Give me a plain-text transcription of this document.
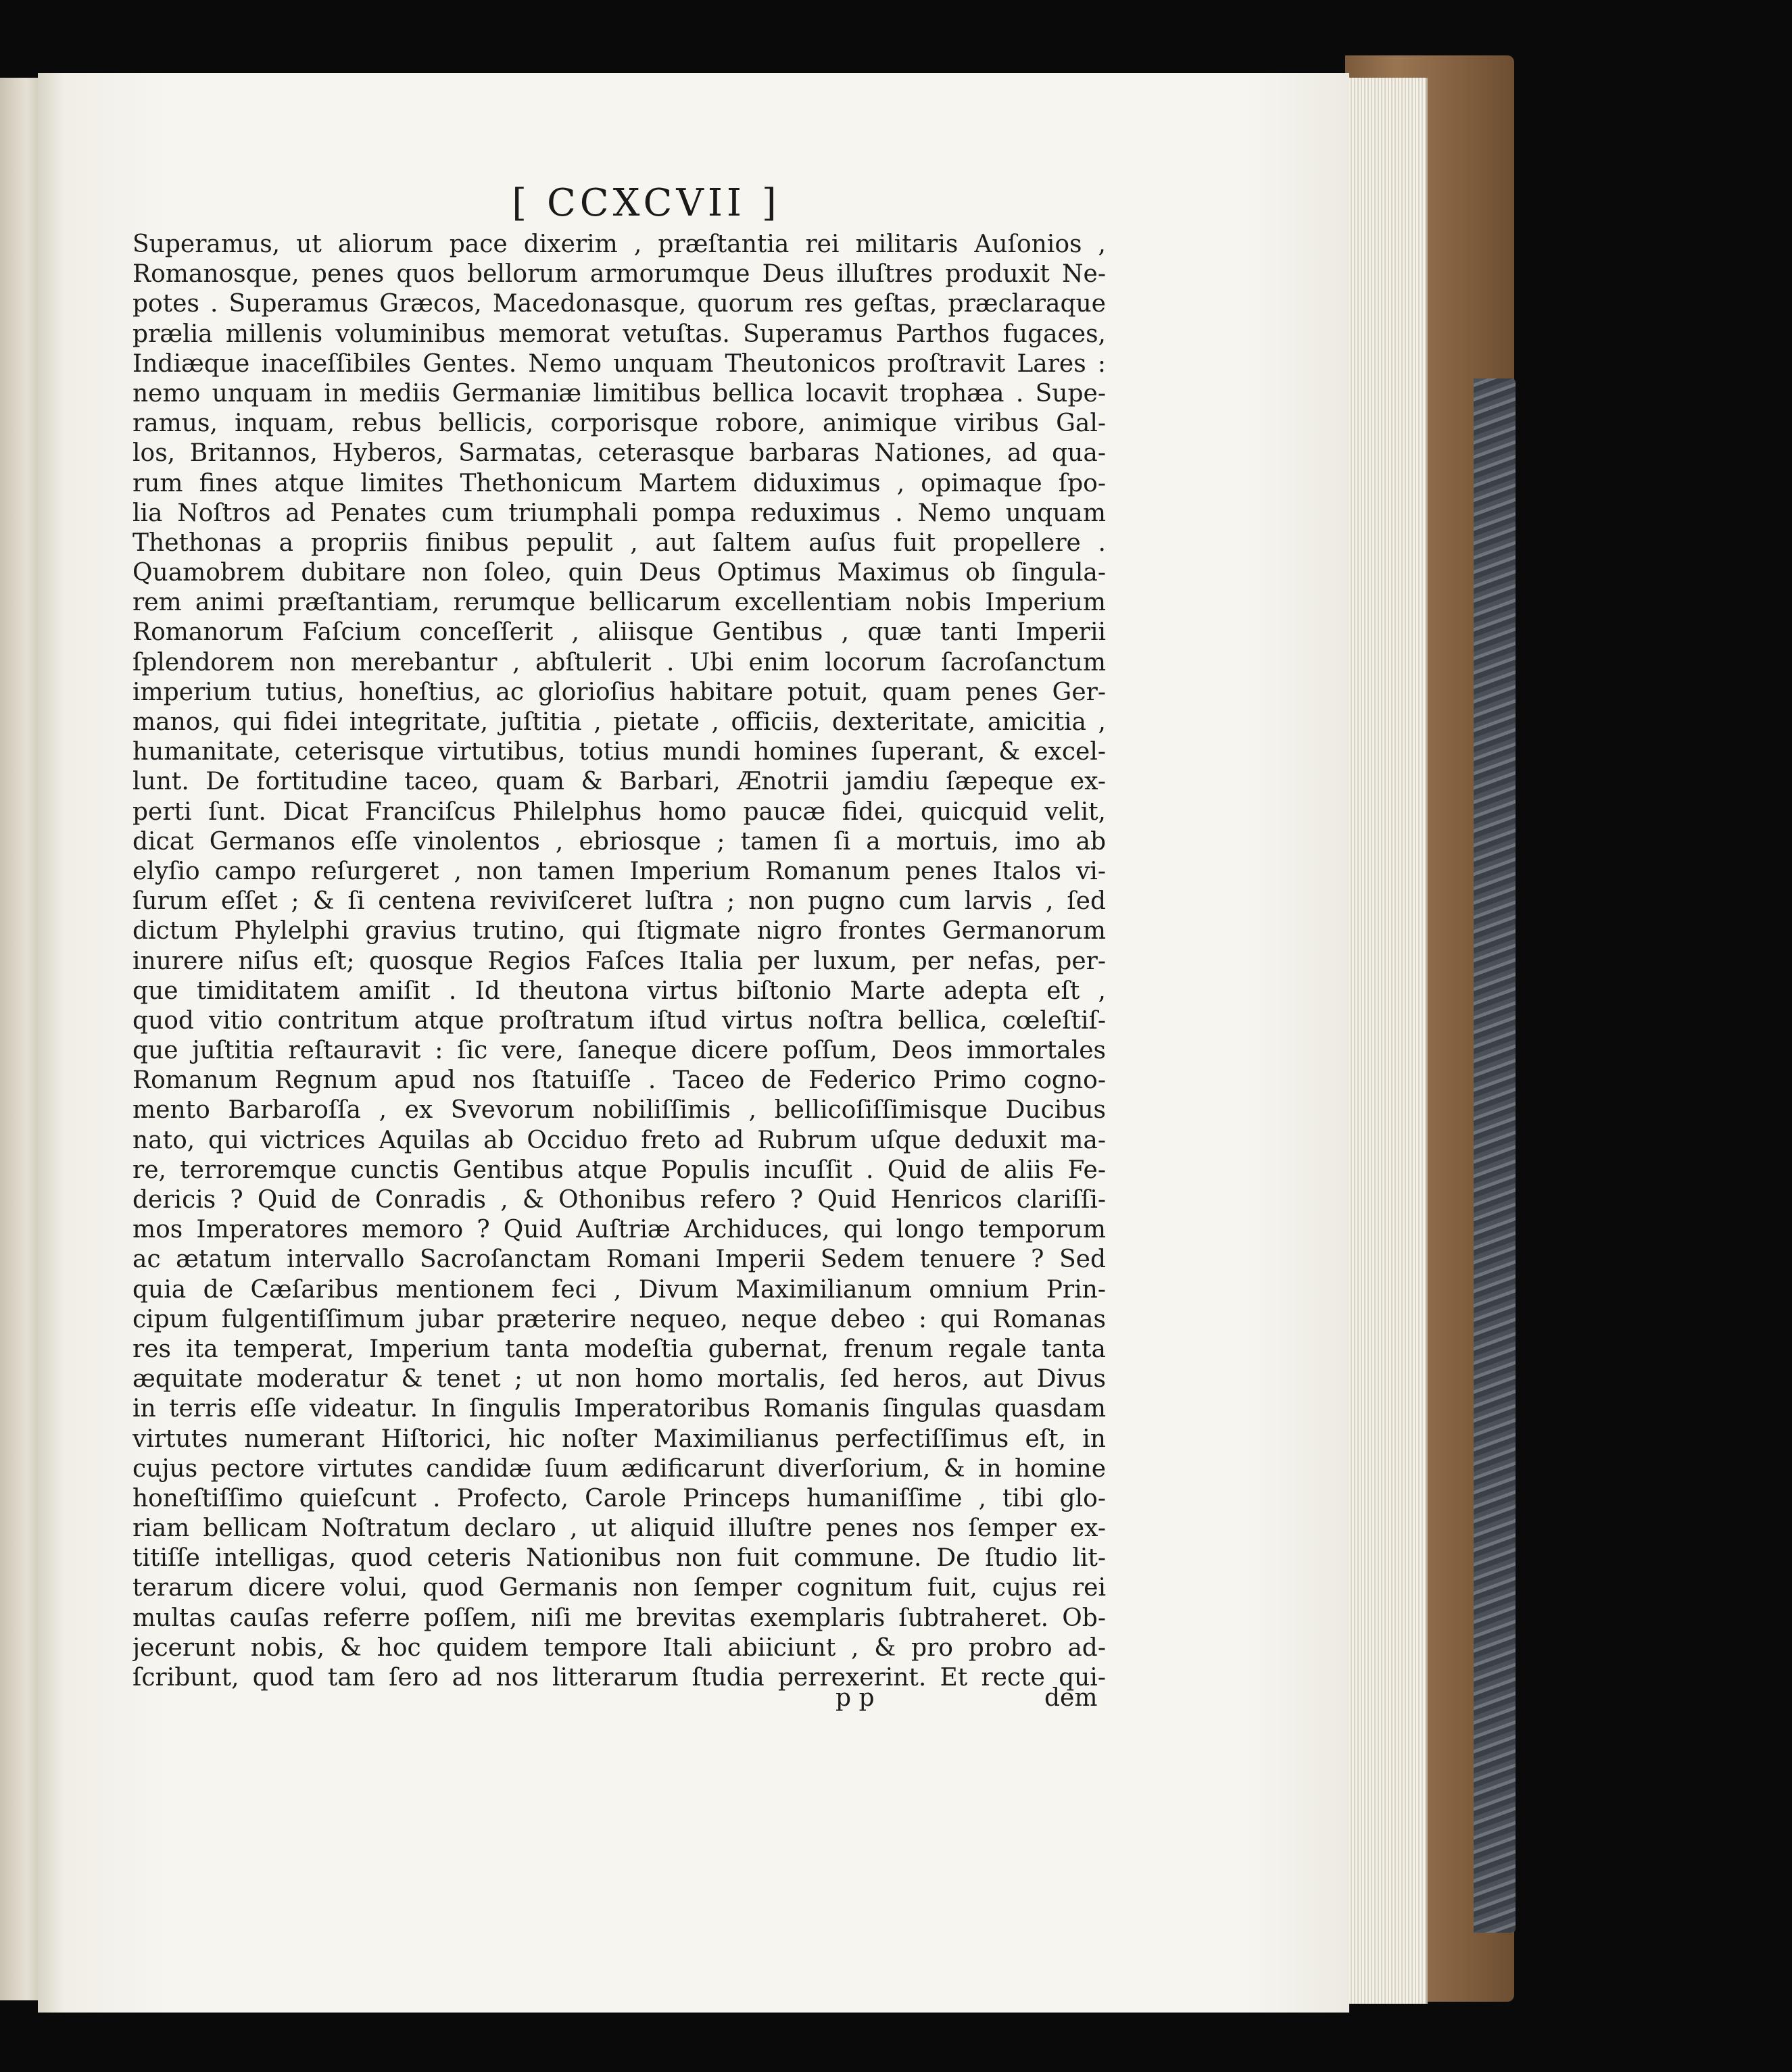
[ CCXCVII ]
Superamus, ut aliorum pace dixerim , præſtantia rei militaris Auſonios ,
Romanosque, penes quos bellorum armorumque Deus illuſtres produxit Ne-
potes . Superamus Græcos, Macedonasque, quorum res geſtas, præclaraque
prælia millenis voluminibus memorat vetuſtas. Superamus Parthos fugaces,
Indiæque inaceſſibiles Gentes. Nemo unquam Theutonicos proſtravit Lares :
nemo unquam in mediis Germaniæ limitibus bellica locavit trophæa . Supe-
ramus, inquam, rebus bellicis, corporisque robore, animique viribus Gal-
los, Britannos, Hyberos, Sarmatas, ceterasque barbaras Nationes, ad qua-
rum fines atque limites Thethonicum Martem diduximus , opimaque ſpo-
lia Noſtros ad Penates cum triumphali pompa reduximus . Nemo unquam
Thethonas a propriis finibus pepulit , aut ſaltem auſus fuit propellere .
Quamobrem dubitare non ſoleo, quin Deus Optimus Maximus ob ſingula-
rem animi præſtantiam, rerumque bellicarum excellentiam nobis Imperium
Romanorum Faſcium conceſſerit , aliisque Gentibus , quæ tanti Imperii
ſplendorem non merebantur , abſtulerit . Ubi enim locorum ſacroſanctum
imperium tutius, honeſtius, ac glorioſius habitare potuit, quam penes Ger-
manos, qui fidei integritate, juſtitia , pietate , officiis, dexteritate, amicitia ,
humanitate, ceterisque virtutibus, totius mundi homines ſuperant, & excel-
lunt. De fortitudine taceo, quam & Barbari, Ænotrii jamdiu ſæpeque ex-
perti ſunt. Dicat Franciſcus Philelphus homo paucæ fidei, quicquid velit,
dicat Germanos eſſe vinolentos , ebriosque ; tamen ſi a mortuis, imo ab
elyſio campo reſurgeret , non tamen Imperium Romanum penes Italos vi-
ſurum eſſet ; & ſi centena reviviſceret luſtra ; non pugno cum larvis , ſed
dictum Phylelphi gravius trutino, qui ſtigmate nigro frontes Germanorum
inurere niſus eſt; quosque Regios Faſces Italia per luxum, per nefas, per-
que timiditatem amiſit . Id theutona virtus biſtonio Marte adepta eſt ,
quod vitio contritum atque proſtratum iſtud virtus noſtra bellica, cœleſtiſ-
que juſtitia reſtauravit : ſic vere, ſaneque dicere poſſum, Deos immortales
Romanum Regnum apud nos ſtatuiſſe . Taceo de Federico Primo cogno-
mento Barbaroſſa , ex Svevorum nobiliſſimis , bellicoſiſſimisque Ducibus
nato, qui victrices Aquilas ab Occiduo freto ad Rubrum uſque deduxit ma-
re, terroremque cunctis Gentibus atque Populis incuſſit . Quid de aliis Fe-
dericis ? Quid de Conradis , & Othonibus refero ? Quid Henricos clariſſi-
mos Imperatores memoro ? Quid Auſtriæ Archiduces, qui longo temporum
ac ætatum intervallo Sacroſanctam Romani Imperii Sedem tenuere ? Sed
quia de Cæſaribus mentionem feci , Divum Maximilianum omnium Prin-
cipum fulgentiſſimum jubar præterire nequeo, neque debeo : qui Romanas
res ita temperat, Imperium tanta modeſtia gubernat, frenum regale tanta
æquitate moderatur & tenet ; ut non homo mortalis, ſed heros, aut Divus
in terris eſſe videatur. In ſingulis Imperatoribus Romanis ſingulas quasdam
virtutes numerant Hiſtorici, hic noſter Maximilianus perfectiſſimus eſt, in
cujus pectore virtutes candidæ ſuum ædificarunt diverſorium, & in homine
honeſtiſſimo quieſcunt . Profecto, Carole Princeps humaniſſime , tibi glo-
riam bellicam Noſtratum declaro , ut aliquid illuſtre penes nos ſemper ex-
titiſſe intelligas, quod ceteris Nationibus non fuit commune. De ſtudio lit-
terarum dicere volui, quod Germanis non ſemper cognitum fuit, cujus rei
multas cauſas referre poſſem, niſi me brevitas exemplaris ſubtraheret. Ob-
jecerunt nobis, & hoc quidem tempore Itali abiiciunt , & pro probro ad-
ſcribunt, quod tam ſero ad nos litterarum ſtudia perrexerint. Et recte qui-
p p	dem
